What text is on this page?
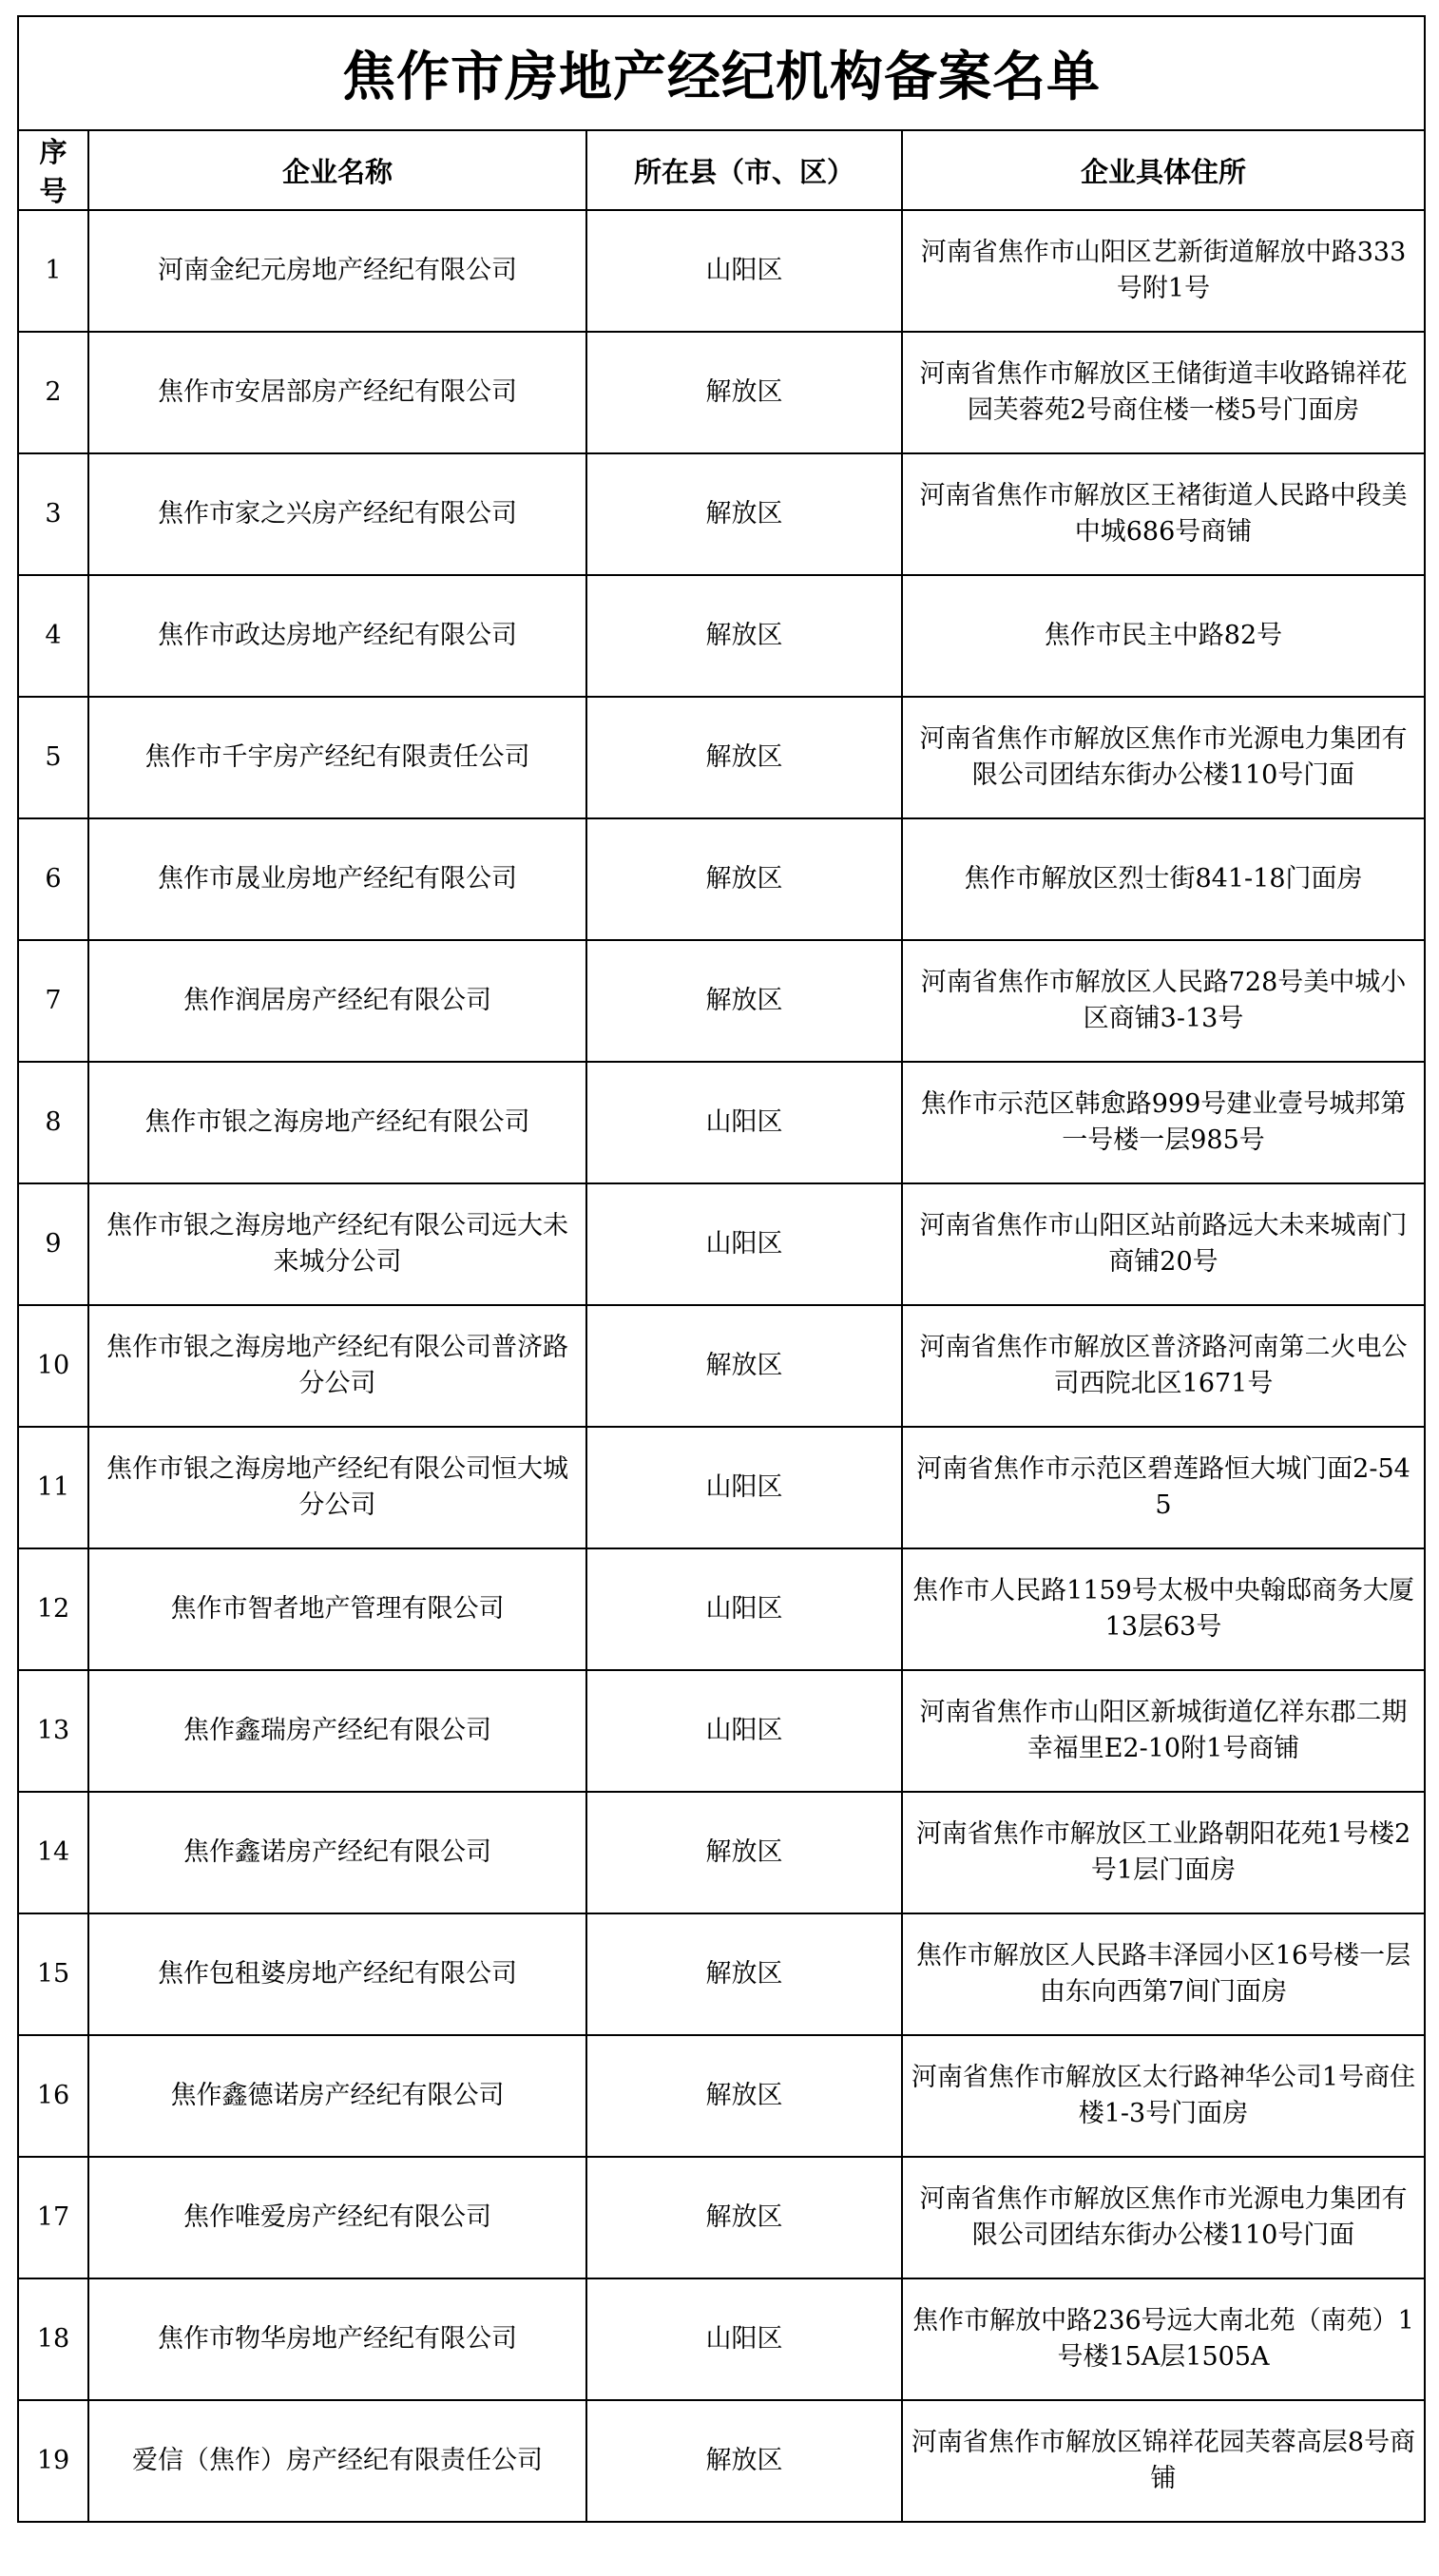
焦作市房地产经纪机构备案名单			
序号	企业名称	所在县（市、区）	企业具体住所
1	河南金纪元房地产经纪有限公司	山阳区	河南省焦作市山阳区艺新街道解放中路333号附1号
2	焦作市安居部房产经纪有限公司	解放区	河南省焦作市解放区王储街道丰收路锦祥花园芙蓉苑2号商住楼一楼5号门面房
3	焦作市家之兴房产经纪有限公司	解放区	河南省焦作市解放区王褚街道人民路中段美中城686号商铺
4	焦作市政达房地产经纪有限公司	解放区	焦作市民主中路82号
5	焦作市千宇房产经纪有限责任公司	解放区	河南省焦作市解放区焦作市光源电力集团有限公司团结东街办公楼110号门面
6	焦作市晟业房地产经纪有限公司	解放区	焦作市解放区烈士街841-18门面房
7	焦作润居房产经纪有限公司	解放区	河南省焦作市解放区人民路728号美中城小区商铺3-13号
8	焦作市银之海房地产经纪有限公司	山阳区	焦作市示范区韩愈路999号建业壹号城邦第一号楼一层985号
9	焦作市银之海房地产经纪有限公司远大未来城分公司	山阳区	河南省焦作市山阳区站前路远大未来城南门商铺20号
10	焦作市银之海房地产经纪有限公司普济路分公司	解放区	河南省焦作市解放区普济路河南第二火电公司西院北区1671号
11	焦作市银之海房地产经纪有限公司恒大城分公司	山阳区	河南省焦作市示范区碧莲路恒大城门面2-545
12	焦作市智者地产管理有限公司	山阳区	焦作市人民路1159号太极中央翰邸商务大厦13层63号
13	焦作鑫瑞房产经纪有限公司	山阳区	河南省焦作市山阳区新城街道亿祥东郡二期幸福里E2-10附1号商铺
14	焦作鑫诺房产经纪有限公司	解放区	河南省焦作市解放区工业路朝阳花苑1号楼2号1层门面房
15	焦作包租婆房地产经纪有限公司	解放区	焦作市解放区人民路丰泽园小区16号楼一层由东向西第7间门面房
16	焦作鑫德诺房产经纪有限公司	解放区	河南省焦作市解放区太行路神华公司1号商住楼1-3号门面房
17	焦作唯爱房产经纪有限公司	解放区	河南省焦作市解放区焦作市光源电力集团有限公司团结东街办公楼110号门面
18	焦作市物华房地产经纪有限公司	山阳区	焦作市解放中路236号远大南北苑（南苑）1号楼15A层1505A
19	爱信（焦作）房产经纪有限责任公司	解放区	河南省焦作市解放区锦祥花园芙蓉高层8号商铺
